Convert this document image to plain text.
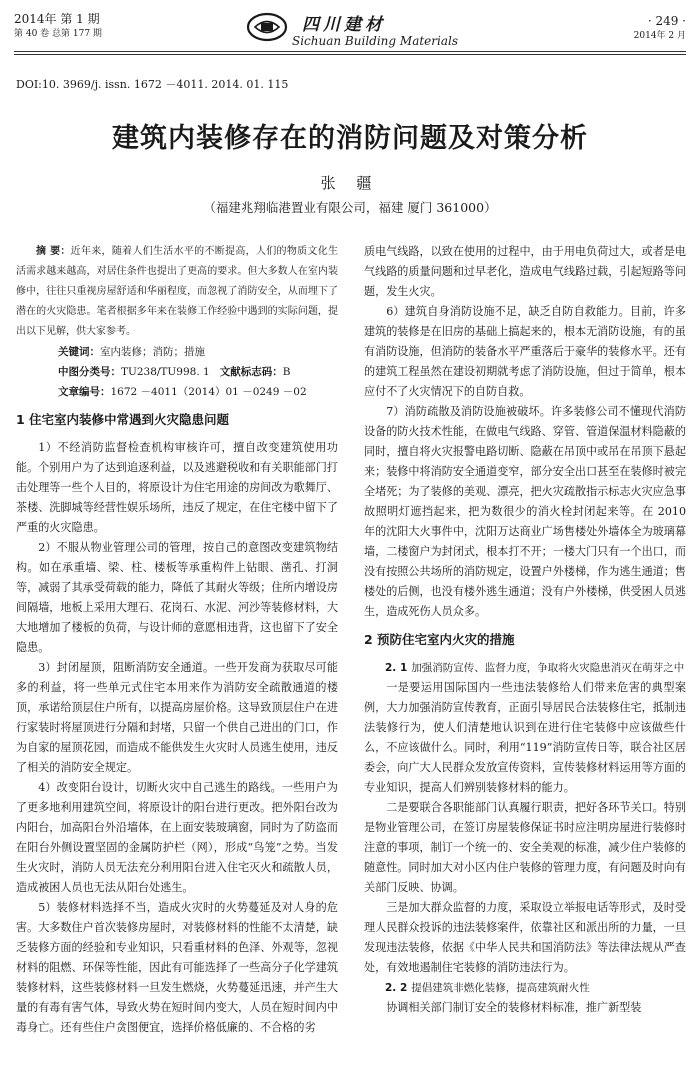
2014年 第 1 期
第 40 卷 总第 177 期	四川建材
Sichuan Building Materials
· 249 ·
2014年 2 月
DOI:10. 3969/j. issn. 1672 －4011. 2014. 01. 115
建筑内装修存在的消防问题及对策分析
张 疆
（福建兆翔临港置业有限公司，福建 厦门 361000）

摘 要：近年来，随着人们生活水平的不断提高，人们的物质文化生活需求越来越高，对居住条件也提出了更高的要求。但大多数人在室内装修中，往往只重视房屋舒适和华丽程度，而忽视了消防安全，从而埋下了潜在的火灾隐患。笔者根据多年来在装修工作经验中遇到的实际问题，提出以下见解，供大家参考。

关键词：室内装修；消防；措施

中图分类号：TU238/TU998. 1 文献标志码：B

文章编号：1672 －4011（2014）01 －0249 －02

1 住宅室内装修中常遇到火灾隐患问题

1）不经消防监督检查机构审核许可，擅自改变建筑使用功能。个别用户为了达到追逐利益，以及逃避税收和有关职能部门打击处理等一些个人目的，将原设计为住宅用途的房间改为歌舞厅、茶楼、洗脚城等经营性娱乐场所，违反了规定，在住宅楼中留下了严重的火灾隐患。

2）不服从物业管理公司的管理，按自己的意图改变建筑物结构。如在承重墙、梁、柱、楼板等承重构件上钻眼、凿孔、打洞等，减弱了其承受荷载的能力，降低了其耐火等级；住所内增设房间隔墙，地板上采用大理石、花岗石、水泥、河沙等装修材料，大大地增加了楼板的负荷，与设计师的意愿相违背，这也留下了安全隐患。

3）封闭屋顶，阻断消防安全通道。一些开发商为获取尽可能多的利益，将一些单元式住宅本用来作为消防安全疏散通道的楼顶，承诺给顶层住户所有，以提高房屋价格。这导致顶层住户在进行家装时将屋顶进行分隔和封堵，只留一个供自己进出的门口，作为自家的屋顶花园，而造成不能供发生火灾时人员逃生使用，违反了相关的消防安全规定。

4）改变阳台设计，切断火灾中自己逃生的路线。一些用户为了更多地利用建筑空间，将原设计的阳台进行更改。把外阳台改为内阳台，加高阳台外沿墙体，在上面安装玻璃窗，同时为了防盗而在阳台外侧设置坚固的金属防护栏（网），形成“鸟笼”之势。当发生火灾时，消防人员无法充分利用阳台进入住宅灭火和疏散人员，造成被困人员也无法从阳台处逃生。

5）装修材料选择不当，造成火灾时的火势蔓延及对人身的危害。大多数住户首次装修房屋时，对装修材料的性能不太清楚，缺乏装修方面的经验和专业知识，只看重材料的色泽、外观等，忽视材料的阻燃、环保等性能，因此有可能选择了一些高分子化学建筑装修材料，这些装修材料一旦发生燃烧，火势蔓延迅速，并产生大量的有毒有害气体，导致火势在短时间内变大，人员在短时间内中毒身亡。还有些住户贪图便宜，选择价格低廉的、不合格的劣

质电气线路，以致在使用的过程中，由于用电负荷过大，或者是电气线路的质量问题和过早老化，造成电气线路过载，引起短路等问题，发生火灾。

6）建筑自身消防设施不足，缺乏自防自救能力。目前，许多建筑的装修是在旧房的基础上搞起来的，根本无消防设施，有的虽有消防设施，但消防的装备水平严重落后于豪华的装修水平。还有的建筑工程虽然在建设初期就考虑了消防设施，但过于简单，根本应付不了火灾情况下的自防自救。

7）消防疏散及消防设施被破坏。许多装修公司不懂现代消防设备的防火技术性能，在做电气线路、穿管、管道保温材料隐蔽的同时，擅自将火灾报警电路切断、隐蔽在吊顶中或吊在吊顶下悬起来；装修中将消防安全通道变窄，部分安全出口甚至在装修时被完全堵死；为了装修的美观、漂亮，把火灾疏散指示标志火灾应急事故照明灯遮挡起来，把为数很少的消火栓封闭起来等。在 2010 年的沈阳大火事件中，沈阳万达商业广场售楼处外墙体全为玻璃幕墙，二楼窗户为封闭式，根本打不开；一楼大门只有一个出口，而没有按照公共场所的消防规定，设置户外楼梯，作为逃生通道；售楼处的后侧，也没有楼外逃生通道；没有户外楼梯，供受困人员逃生，造成死伤人员众多。

2 预防住宅室内火灾的措施

2. 1 加强消防宣传、监督力度，争取将火灾隐患消灭在萌芽之中

一是要运用国际国内一些违法装修给人们带来危害的典型案例，大力加强消防宣传教育，正面引导居民合法装修住宅，抵制违法装修行为，使人们清楚地认识到在进行住宅装修中应该做些什么，不应该做什么。同时，利用“119”消防宣传日等，联合社区居委会，向广大人民群众发放宣传资料，宣传装修材料运用等方面的专业知识，提高人们辨别装修材料的能力。

二是要联合各职能部门认真履行职责，把好各环节关口。特别是物业管理公司，在签订房屋装修保证书时应注明房屋进行装修时注意的事项，制订一个统一的、安全美观的标准，减少住户装修的随意性。同时加大对小区内住户装修的管理力度，有问题及时向有关部门反映、协调。

三是加大群众监督的力度，采取设立举报电话等形式，及时受理人民群众投诉的违法装修案件，依靠社区和派出所的力量，一旦发现违法装修，依据《中华人民共和国消防法》等法律法规从严查处，有效地遏制住宅装修的消防违法行为。

2. 2 提倡建筑非燃化装修，提高建筑耐火性

协调相关部门制订安全的装修材料标准，推广新型装
